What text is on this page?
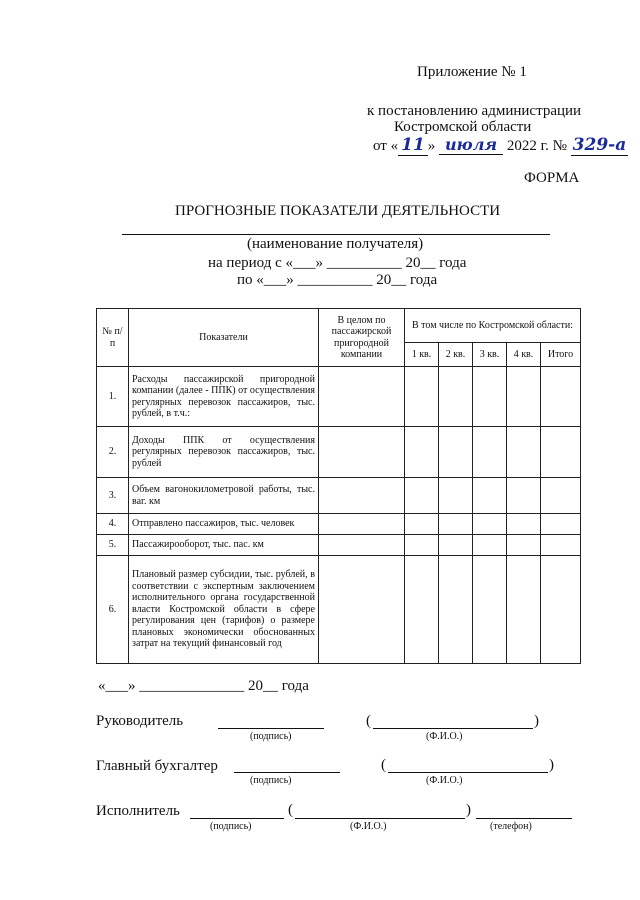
Приложение № 1
к постановлению администрации
Костромской области
от « 11 » июля 2022 г. № 329-а
ФОРМА
ПРОГНОЗНЫЕ ПОКАЗАТЕЛИ ДЕЯТЕЛЬНОСТИ
(наименование получателя)
на период с «___» __________ 20__ года
по «___» __________ 20__ года
№ п/п	Показатели	В целом по пассажирской пригородной компании	В том числе по Костромской области:				
			1 кв.	2 кв.	3 кв.	4 кв.	Итого
1.	Расходы пассажирской пригородной компании (далее - ППК) от осуществления регулярных перевозок пассажиров, тыс. рублей, в т.ч.:						
2.	Доходы ППК от осуществления регулярных перевозок пассажиров, тыс. рублей						
3.	Объем вагонокилометровой работы, тыс. ваг. км						
4.	Отправлено пассажиров, тыс. человек						
5.	Пассажирооборот, тыс. пас. км						
6.	Плановый размер субсидии, тыс. рублей, в соответствии с экспертным заключением исполнительного органа государственной власти Костромской области в сфере регулирования цен (тарифов) о размере плановых экономически обоснованных затрат на текущий финансовый год						
«___» ______________ 20__ года
Руководитель
(подпись)
(	)
(Ф.И.О.)
Главный бухгалтер
(подпись)
(	)
(Ф.И.О.)
Исполнитель
(подпись)
(	)
(Ф.И.О.)	(телефон)
